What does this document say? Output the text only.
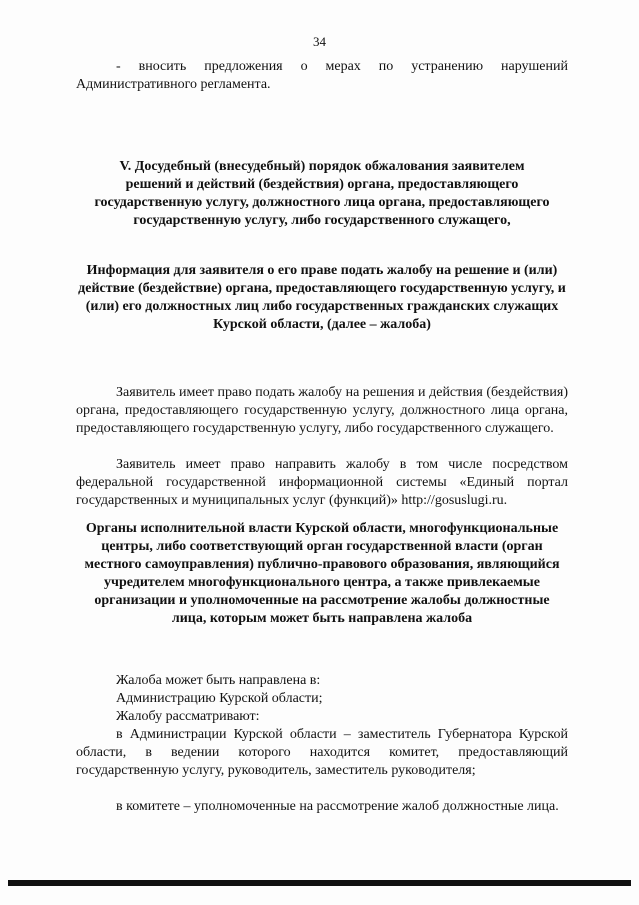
34
- вносить предложения о мерах по устранению нарушений Административного регламента.
V. Досудебный (внесудебный) порядок обжалования заявителем решений и действий (бездействия) органа, предоставляющего государственную услугу, должностного лица органа, предоставляющего государственную услугу, либо государственного служащего,
Информация для заявителя о его праве подать жалобу на решение и (или) действие (бездействие) органа, предоставляющего государственную услугу, и (или) его должностных лиц либо государственных гражданских служащих Курской области, (далее – жалоба)
Заявитель имеет право подать жалобу на решения и действия (бездействия) органа, предоставляющего государственную услугу, должностного лица органа, предоставляющего государственную услугу, либо государственного служащего.
Заявитель имеет право направить жалобу в том числе посредством федеральной государственной информационной системы «Единый портал государственных и муниципальных услуг (функций)» http://gosuslugi.ru.
Органы исполнительной власти Курской области, многофункциональные центры, либо соответствующий орган государственной власти (орган местного самоуправления) публично-правового образования, являющийся учредителем многофункционального центра, а также привлекаемые организации и уполномоченные на рассмотрение жалобы должностные лица, которым может быть направлена жалоба
Жалоба может быть направлена в:
Администрацию Курской области;
Жалобу рассматривают:
в Администрации Курской области – заместитель Губернатора Курской области, в ведении которого находится комитет, предоставляющий государственную услугу, руководитель, заместитель руководителя;
в комитете – уполномоченные на рассмотрение жалоб должностные лица.
